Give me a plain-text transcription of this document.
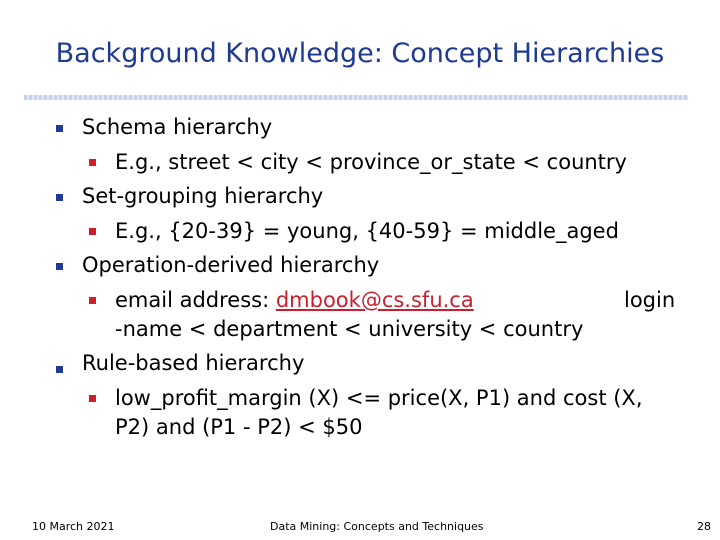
Background Knowledge: Concept Hierarchies
Schema hierarchy
E.g., street < city < province_or_state < country
Set-grouping hierarchy
E.g., {20-39} = young, {40-59} = middle_aged
Operation-derived hierarchy
email address: dmbook@cs.sfu.ca	login
-name < department < university < country
Rule-based hierarchy
low_profit_margin (X) <= price(X, P1) and cost (X,
P2) and (P1 - P2) < $50
10 March 2021	Data Mining: Concepts and Techniques	28
